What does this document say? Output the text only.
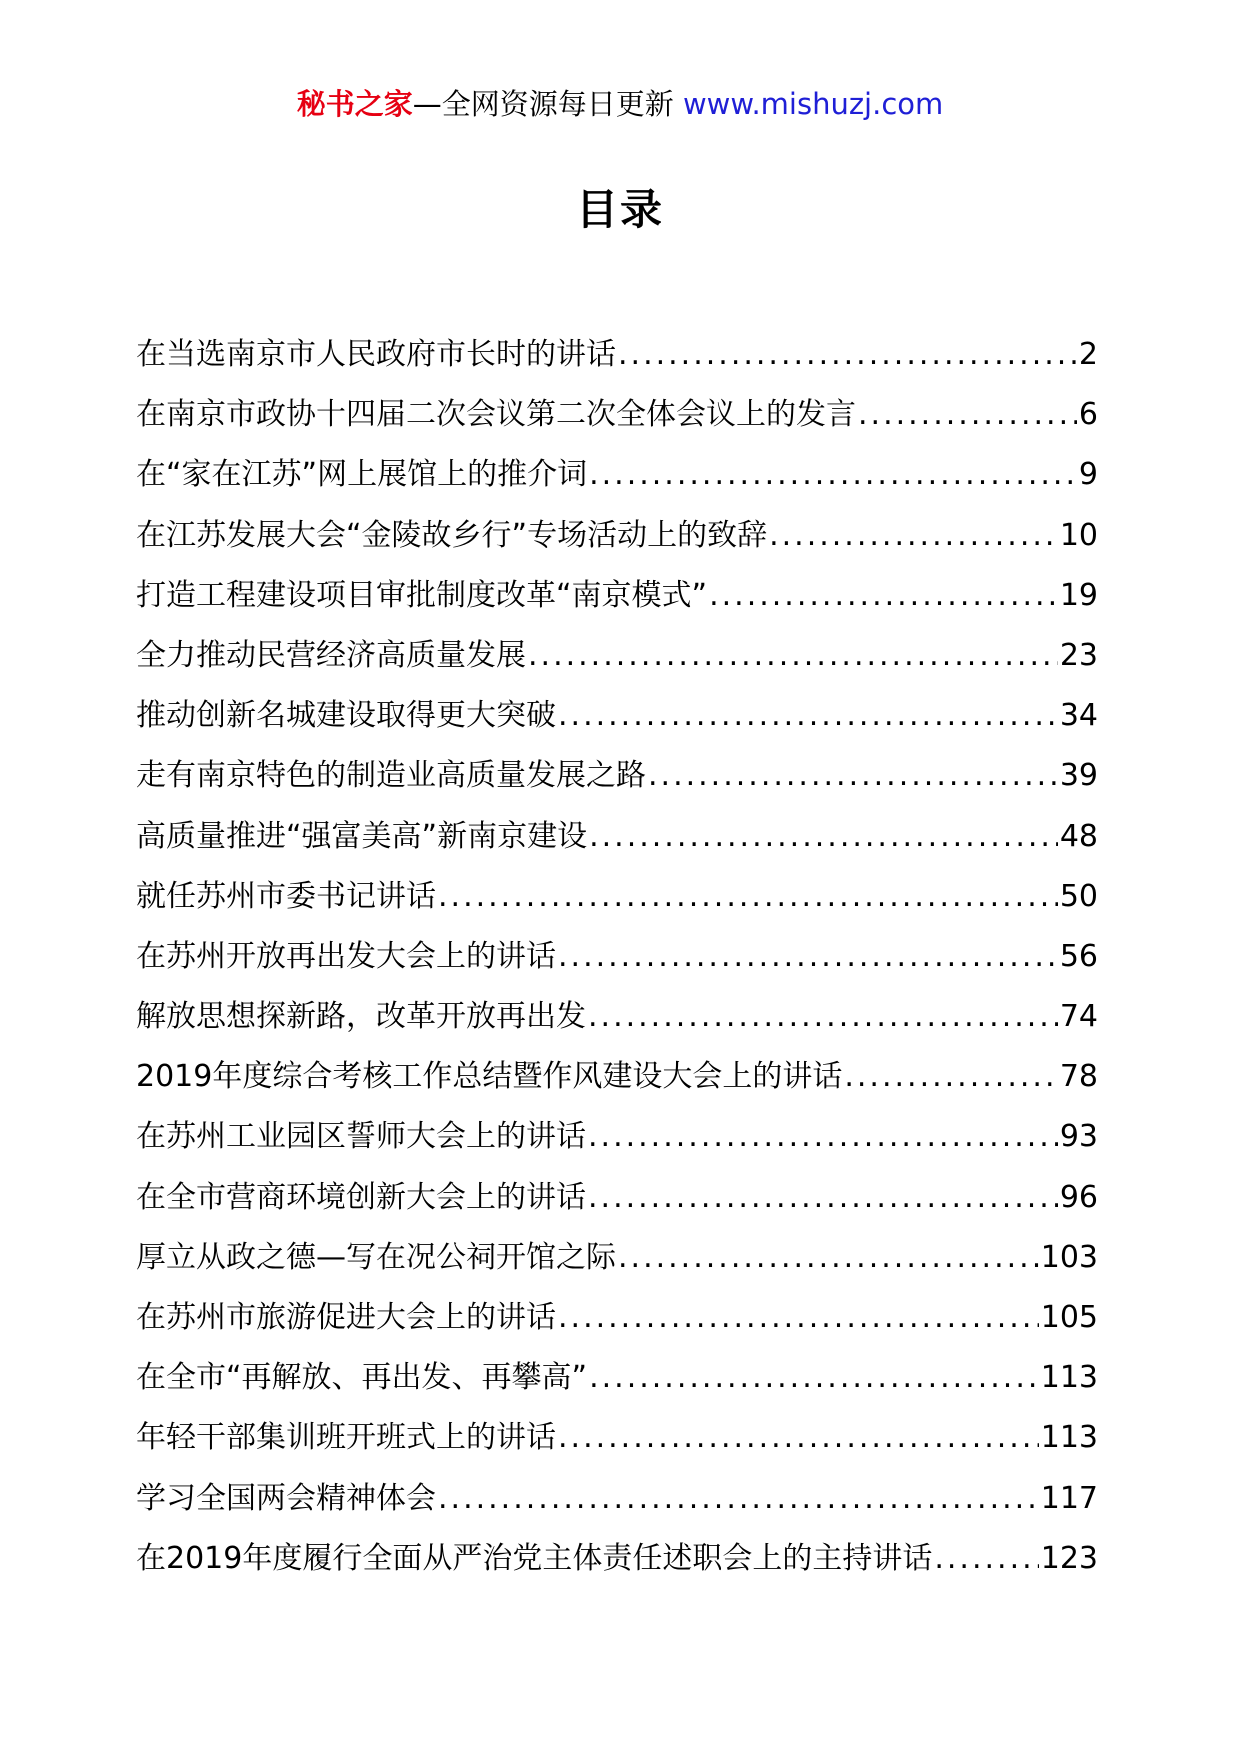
秘书之家—全网资源每日更新 www.mishuzj.com
目录
在当选南京市人民政府市长时的讲话 .....	2
在南京市政协十四届二次会议第二次全体会议上的发言 .....	6
在“家在江苏”网上展馆上的推介词 .....	9
在江苏发展大会“金陵故乡行”专场活动上的致辞 .....	10
打造工程建设项目审批制度改革“南京模式” .....	19
全力推动民营经济高质量发展 .....	23
推动创新名城建设取得更大突破 .....	34
走有南京特色的制造业高质量发展之路 .....	39
高质量推进“强富美高”新南京建设 .....	48
就任苏州市委书记讲话 .....	50
在苏州开放再出发大会上的讲话 .....	56
解放思想探新路，改革开放再出发 .....	74
2019年度综合考核工作总结暨作风建设大会上的讲话 .....	78
在苏州工业园区誓师大会上的讲话 .....	93
在全市营商环境创新大会上的讲话 .....	96
厚立从政之德—写在况公祠开馆之际 .....	103
在苏州市旅游促进大会上的讲话 .....	105
在全市“再解放、再出发、再攀高” .....	113
年轻干部集训班开班式上的讲话 .....	113
学习全国两会精神体会 .....	117
在2019年度履行全面从严治党主体责任述职会上的主持讲话 .....	123
